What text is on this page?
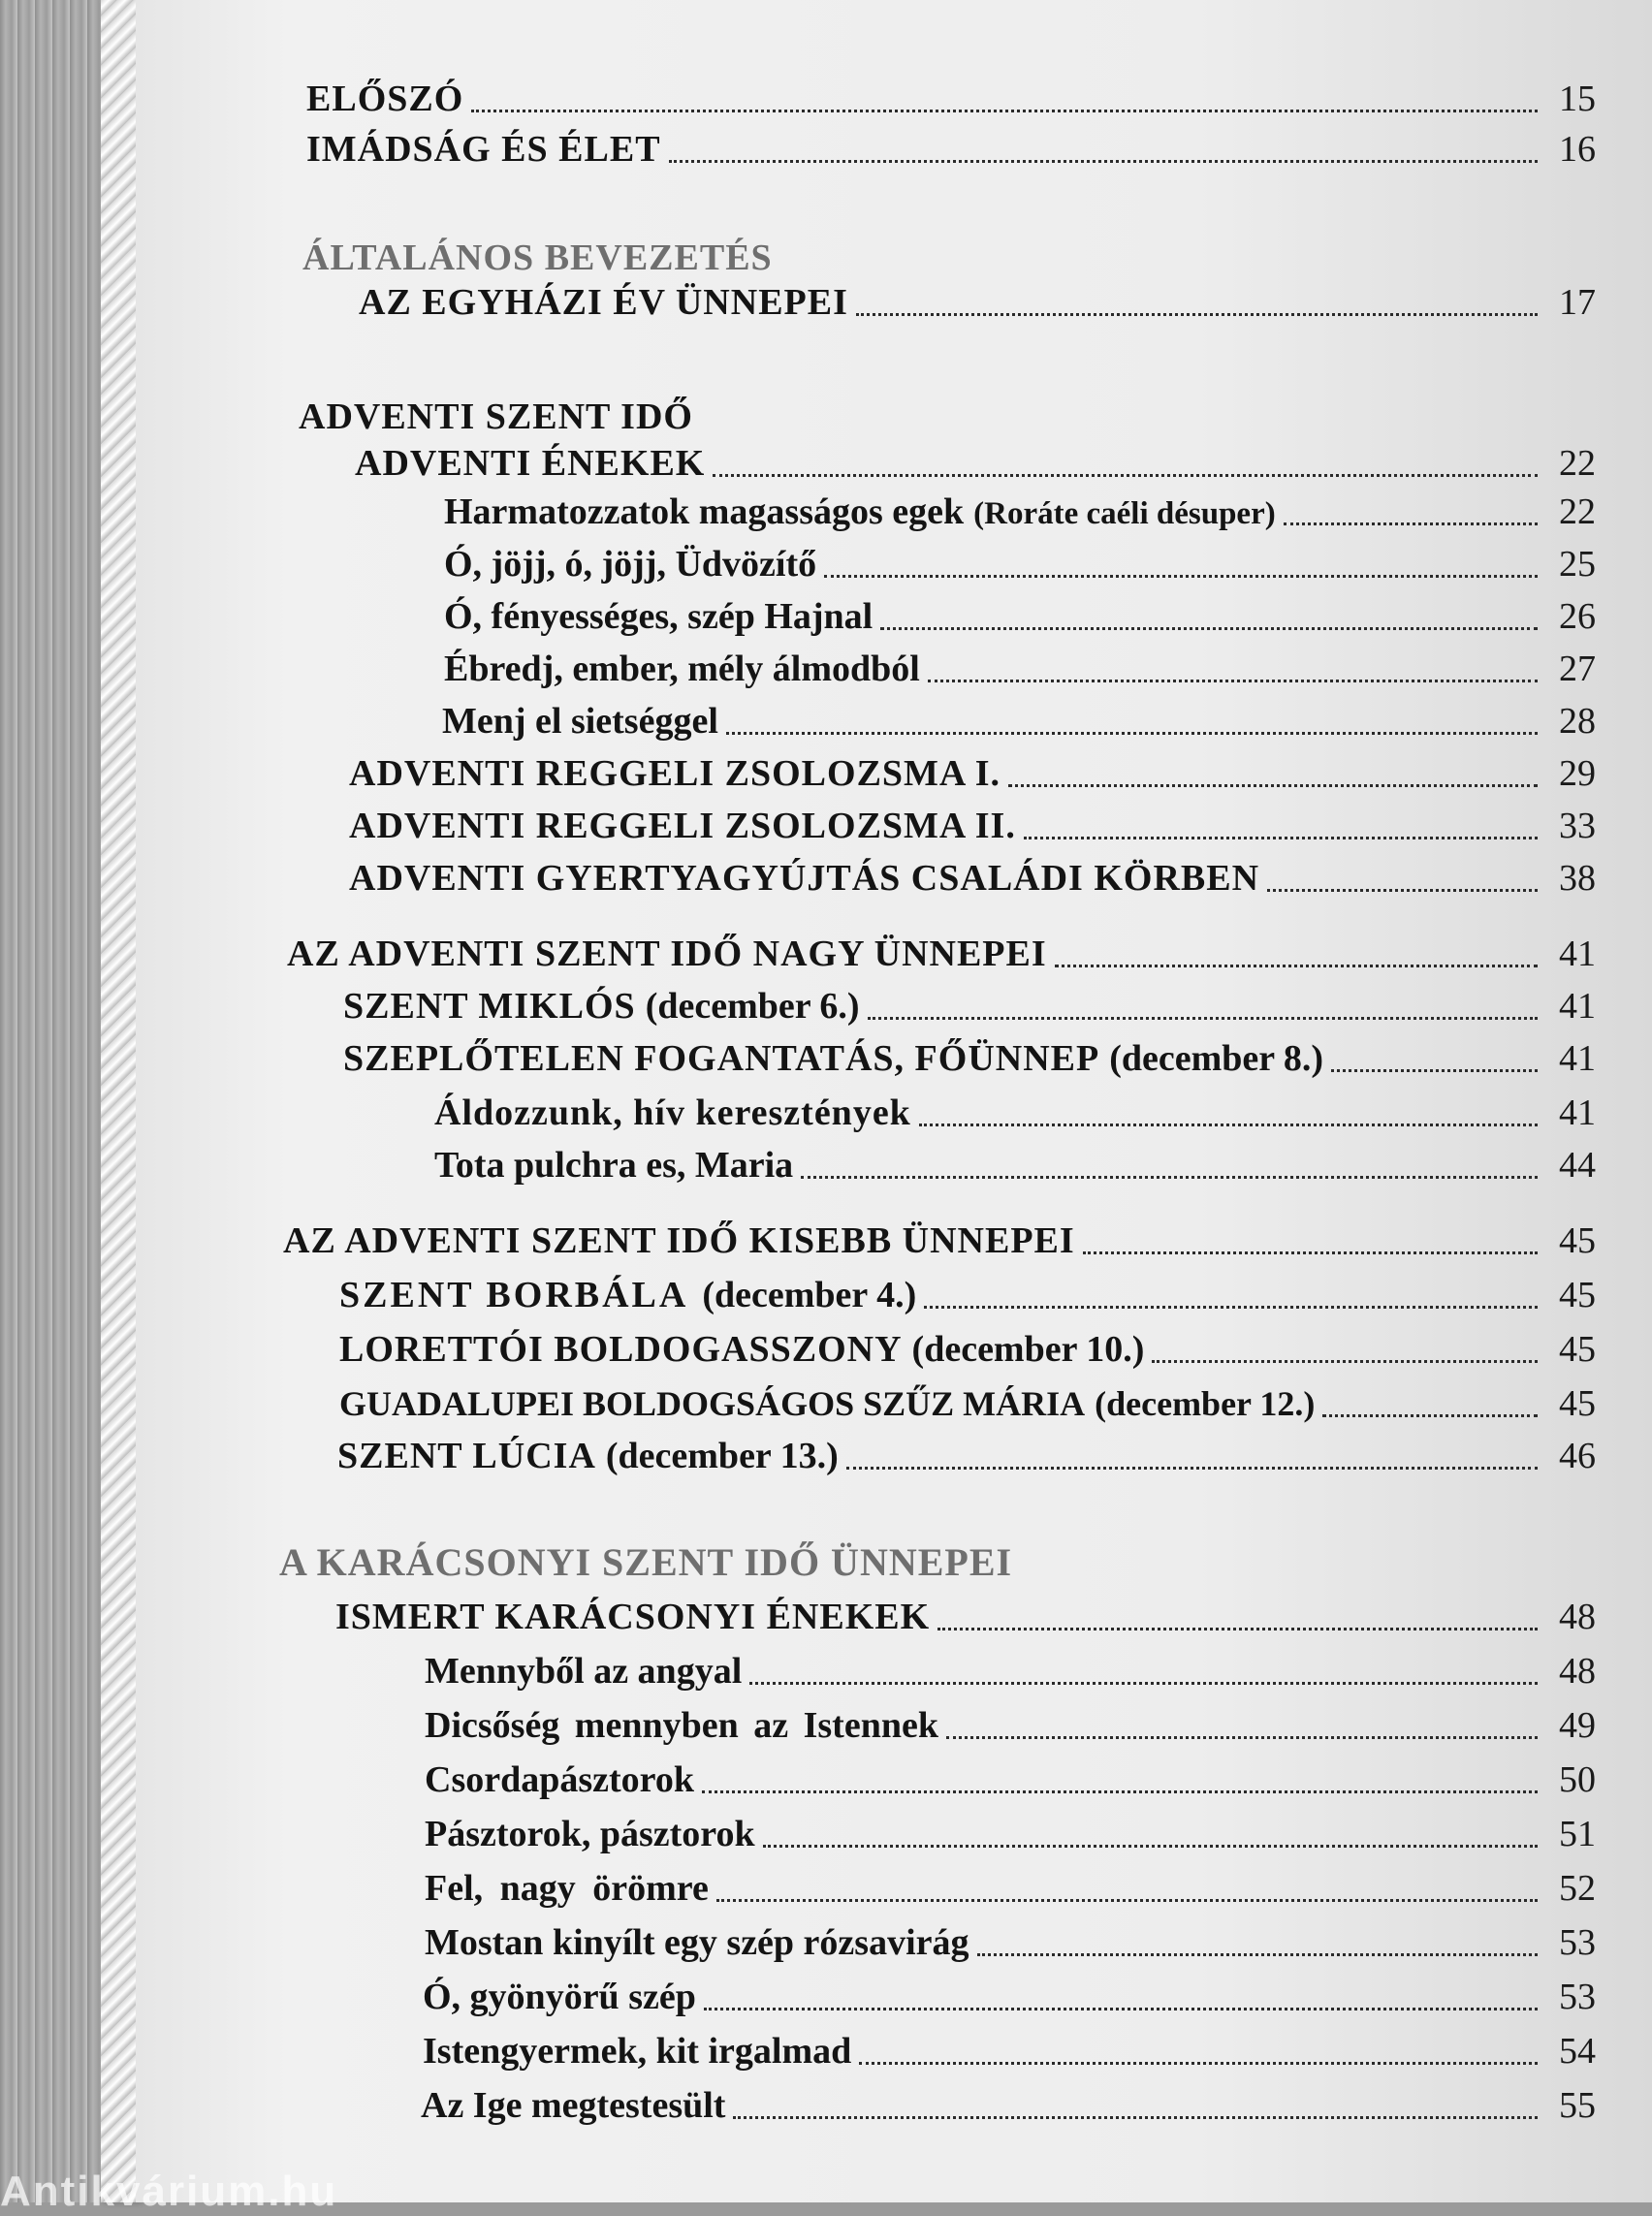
ELŐSZÓ	15
IMÁDSÁG ÉS ÉLET	16
ÁLTALÁNOS BEVEZETÉS
AZ EGYHÁZI ÉV ÜNNEPEI	17
ADVENTI SZENT IDŐ
ADVENTI ÉNEKEK	22
Harmatozzatok magasságos egek (Roráte caéli désuper)	22
Ó, jöjj, ó, jöjj, Üdvözítő	25
Ó, fényességes, szép Hajnal	26
Ébredj, ember, mély álmodból	27
Menj el sietséggel	28
ADVENTI REGGELI ZSOLOZSMA I.	29
ADVENTI REGGELI ZSOLOZSMA II.	33
ADVENTI GYERTYAGYÚJTÁS CSALÁDI KÖRBEN	38
AZ ADVENTI SZENT IDŐ NAGY ÜNNEPEI	41
SZENT MIKLÓS (december 6.)	41
SZEPLŐTELEN FOGANTATÁS, FŐÜNNEP (december 8.)	41
Áldozzunk, hív keresztények	41
Tota pulchra es, Maria	44
AZ ADVENTI SZENT IDŐ KISEBB ÜNNEPEI	45
SZENT BORBÁLA (december 4.)	45
LORETTÓI BOLDOGASSZONY (december 10.)	45
GUADALUPEI BOLDOGSÁGOS SZŰZ MÁRIA (december 12.)	45
SZENT LÚCIA (december 13.)	46
A KARÁCSONYI SZENT IDŐ ÜNNEPEI
ISMERT KARÁCSONYI ÉNEKEK	48
Mennyből az angyal	48
Dicsőség mennyben az Istennek	49
Csordapásztorok	50
Pásztorok, pásztorok	51
Fel, nagy örömre	52
Mostan kinyílt egy szép rózsavirág	53
Ó, gyönyörű szép	53
Istengyermek, kit irgalmad	54
Az Ige megtestesült	55
Antikvárium.hu
